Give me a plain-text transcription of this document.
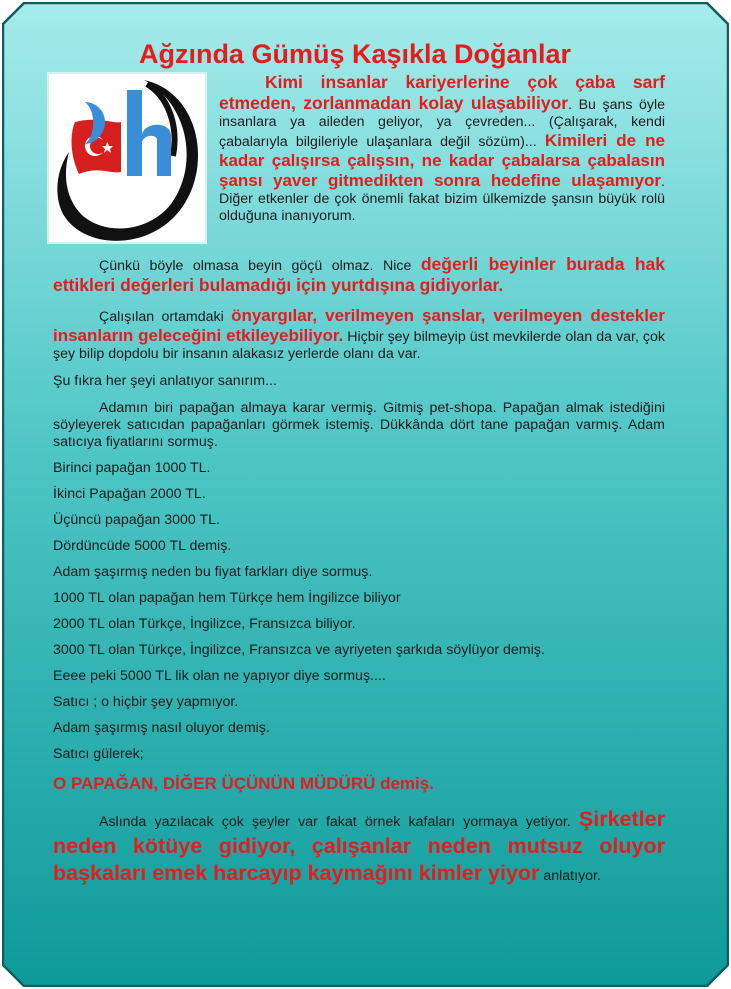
Ağzında Gümüş Kaşıkla Doğanlar

Kimi insanlar kariyerlerine çok çaba sarf etmeden, zorlanmadan kolay ulaşabiliyor. Bu şans öyle insanlara ya aileden geliyor, ya çevreden... (Çalışarak, kendi çabalarıyla bilgileriyle ulaşanlara değil sözüm)... Kimileri de ne kadar çalışırsa çalışsın, ne kadar çabalarsa çabalasın şansı yaver gitmedikten sonra hedefine ulaşamıyor. Diğer etkenler de çok önemli fakat bizim ülkemizde şansın büyük rolü olduğuna inanıyorum.

Çünkü böyle olmasa beyin göçü olmaz. Nice değerli beyinler burada hak ettikleri değerleri bulamadığı için yurtdışına gidiyorlar.

Çalışılan ortamdaki önyargılar, verilmeyen şanslar, verilmeyen destekler insanların geleceğini etkileyebiliyor. Hiçbir şey bilmeyip üst mevkilerde olan da var, çok şey bilip dopdolu bir insanın alakasız yerlerde olanı da var.

Şu fıkra her şeyi anlatıyor sanırım...

Adamın biri papağan almaya karar vermiş. Gitmiş pet-shopa. Papağan almak istediğini söyleyerek satıcıdan papağanları görmek istemiş. Dükkânda dört tane papağan varmış. Adam satıcıya fiyatlarını sormuş.

Birinci papağan 1000 TL.

İkinci Papağan 2000 TL.

Üçüncü papağan 3000 TL.

Dördüncüde 5000 TL demiş.

Adam şaşırmış neden bu fiyat farkları diye sormuş.

1000 TL olan papağan hem Türkçe hem İngilizce biliyor

2000 TL olan Türkçe, İngilizce, Fransızca biliyor.

3000 TL olan Türkçe, İngilizce, Fransızca ve ayriyeten şarkıda söylüyor demiş.

Eeee peki 5000 TL lik olan ne yapıyor diye sormuş....

Satıcı ; o hiçbir şey yapmıyor.

Adam şaşırmış nasıl oluyor demiş.

Satıcı gülerek;

O PAPAĞAN, DİĞER ÜÇÜNÜN MÜDÜRÜ demiş.

Aslında yazılacak çok şeyler var fakat örnek kafaları yormaya yetiyor. Şirketler neden kötüye gidiyor, çalışanlar neden mutsuz oluyor başkaları emek harcayıp kaymağını kimler yiyor anlatıyor.
